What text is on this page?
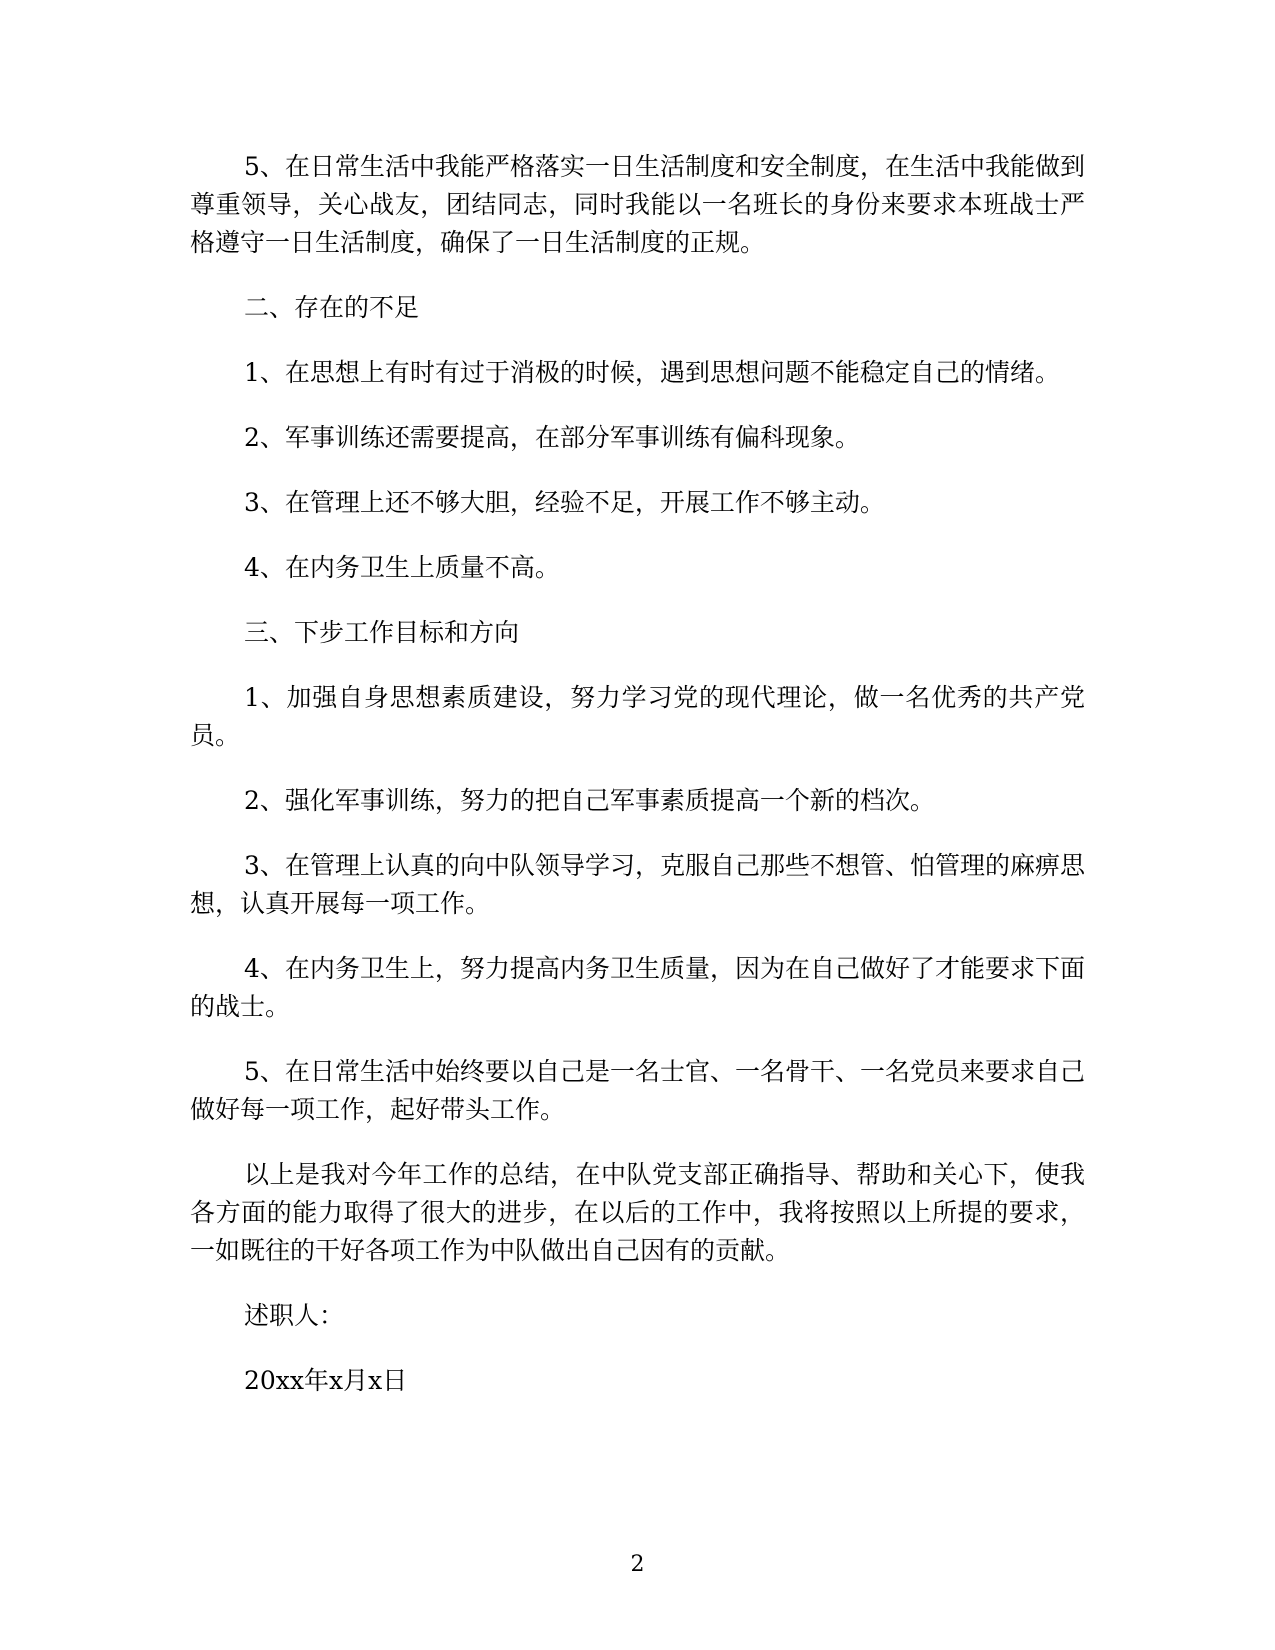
5、在日常生活中我能严格落实一日生活制度和安全制度，在生活中我能做到尊重领导，关心战友，团结同志，同时我能以一名班长的身份来要求本班战士严格遵守一日生活制度，确保了一日生活制度的正规。

二、存在的不足

1、在思想上有时有过于消极的时候，遇到思想问题不能稳定自己的情绪。

2、军事训练还需要提高，在部分军事训练有偏科现象。

3、在管理上还不够大胆，经验不足，开展工作不够主动。

4、在内务卫生上质量不高。

三、下步工作目标和方向

1、加强自身思想素质建设，努力学习党的现代理论，做一名优秀的共产党员。

2、强化军事训练，努力的把自己军事素质提高一个新的档次。

3、在管理上认真的向中队领导学习，克服自己那些不想管、怕管理的麻痹思想，认真开展每一项工作。

4、在内务卫生上，努力提高内务卫生质量，因为在自己做好了才能要求下面的战士。

5、在日常生活中始终要以自己是一名士官、一名骨干、一名党员来要求自己做好每一项工作，起好带头工作。

以上是我对今年工作的总结，在中队党支部正确指导、帮助和关心下，使我各方面的能力取得了很大的进步，在以后的工作中，我将按照以上所提的要求，一如既往的干好各项工作为中队做出自己因有的贡献。

述职人：

20xx年x月x日

2
